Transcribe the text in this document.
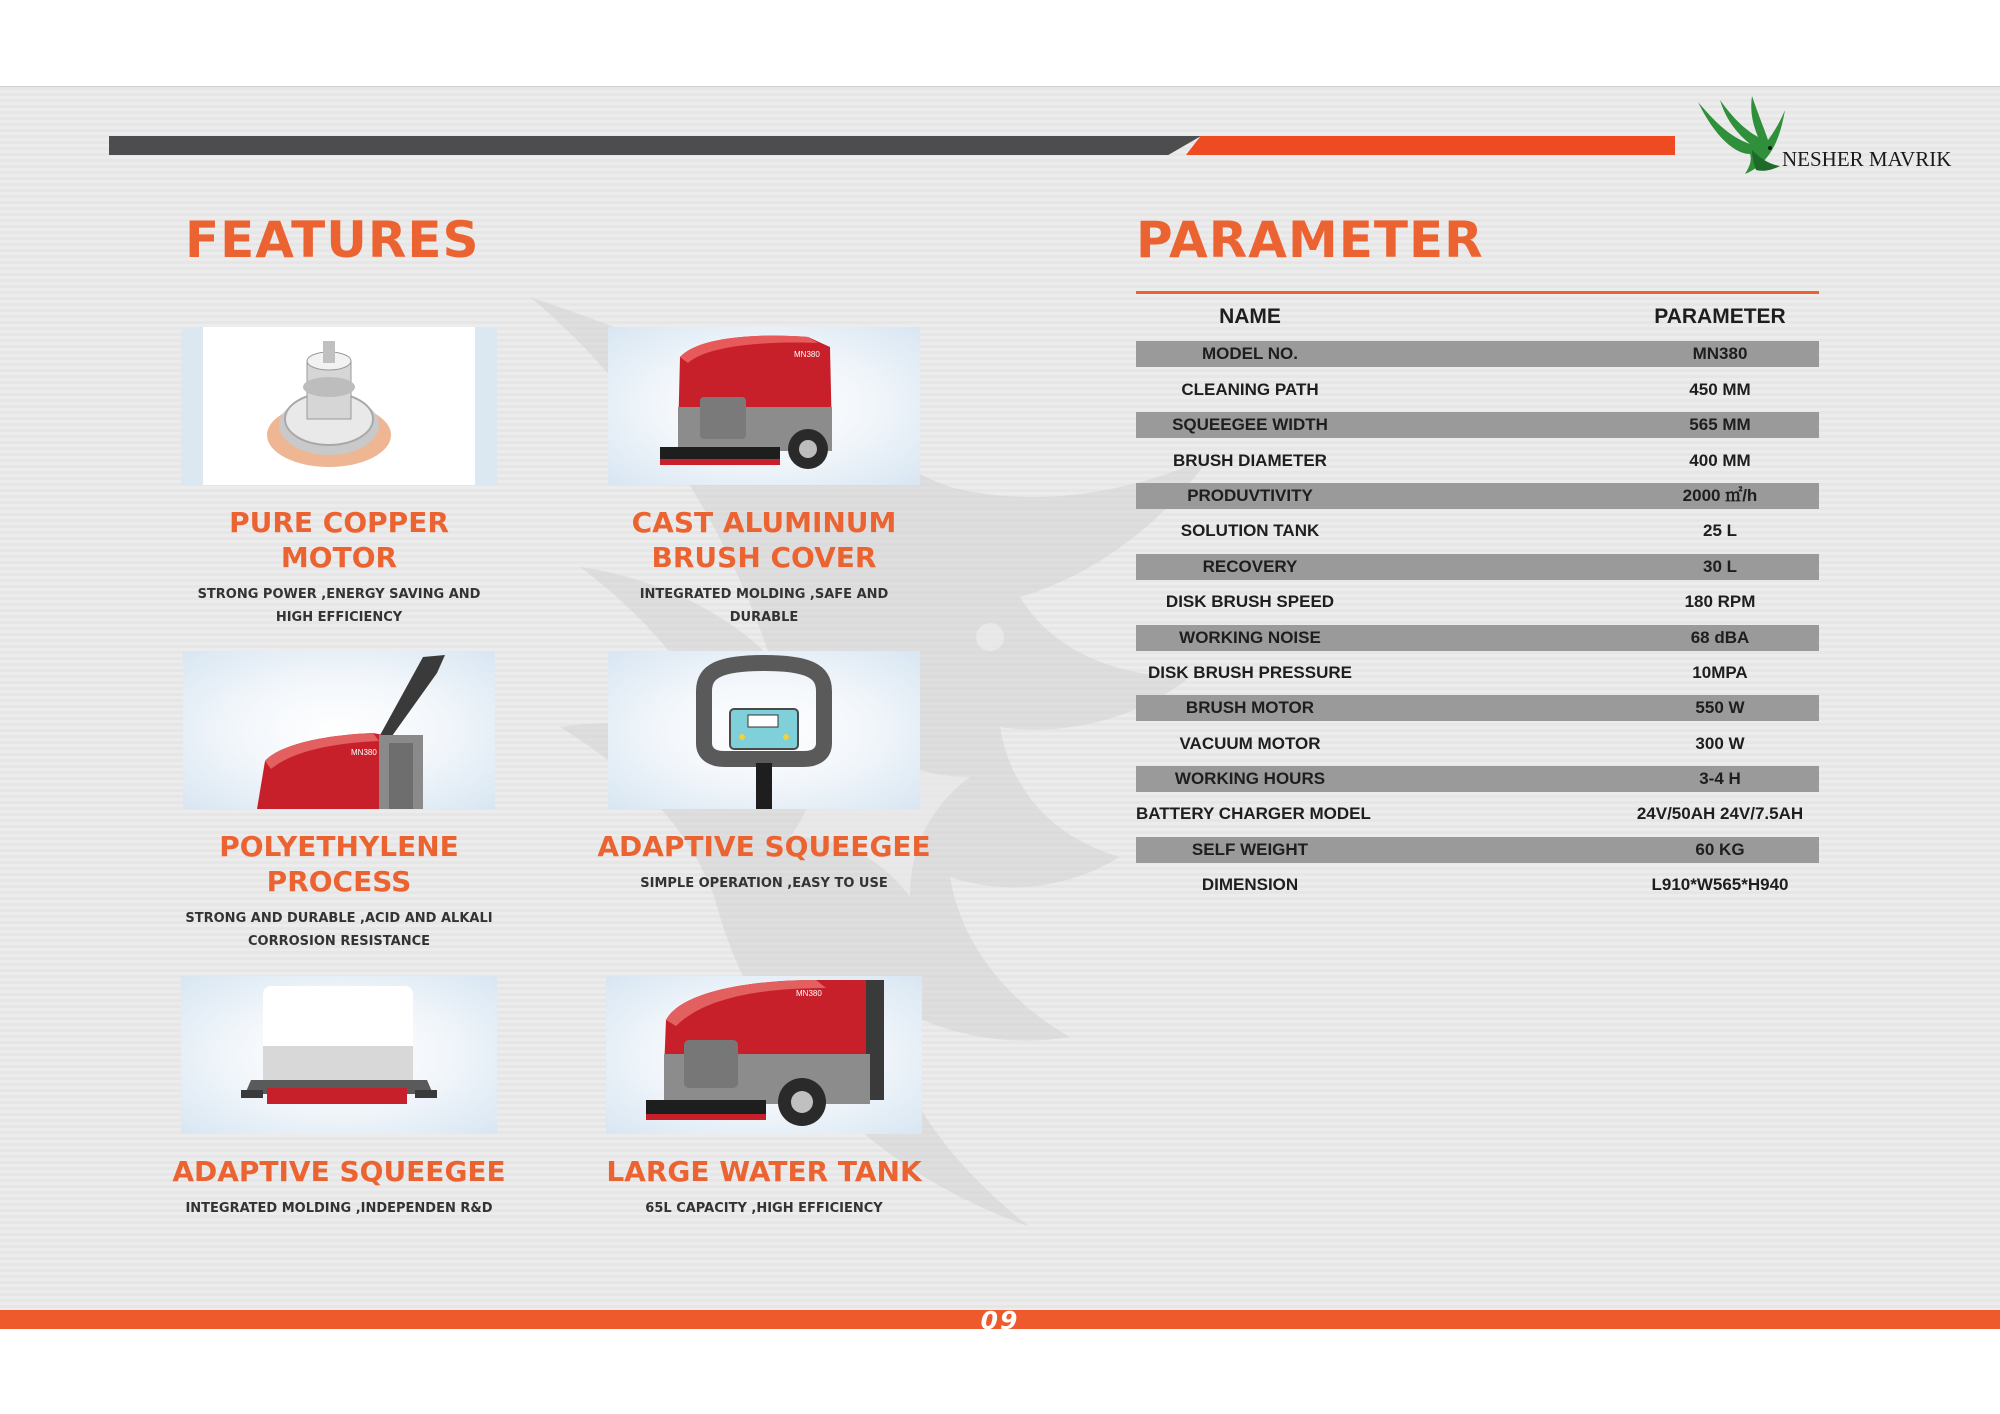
NESHER MAVRIK
FEATURES
PURE COPPER MOTOR
STRONG POWER ,ENERGY SAVING AND HIGH EFFICIENCY
MN380
CAST ALUMINUM BRUSH COVER
INTEGRATED MOLDING ,SAFE AND DURABLE
MN380
POLYETHYLENE PROCESS
STRONG AND DURABLE ,ACID AND ALKALI CORROSION RESISTANCE
ADAPTIVE SQUEEGEE
SIMPLE OPERATION ,EASY TO USE
ADAPTIVE SQUEEGEE
INTEGRATED MOLDING ,INDEPENDEN R&D
MN380
LARGE WATER TANK
65L CAPACITY ,HIGH EFFICIENCY
PARAMETER
NAME	PARAMETER
MODEL NO.	MN380
CLEANING PATH	450 MM
SQUEEGEE WIDTH	565 MM
BRUSH DIAMETER	400 MM
PRODUVTIVITY	2000 ㎡/h
SOLUTION TANK	25 L
RECOVERY	30 L
DISK BRUSH SPEED	180 RPM
WORKING NOISE	68 dBA
DISK BRUSH PRESSURE	10MPA
BRUSH MOTOR	550 W
VACUUM MOTOR	300 W
WORKING HOURS	3-4 H
BATTERY CHARGER MODEL	24V/50AH 24V/7.5AH
SELF WEIGHT	60 KG
DIMENSION	L910*W565*H940
09
